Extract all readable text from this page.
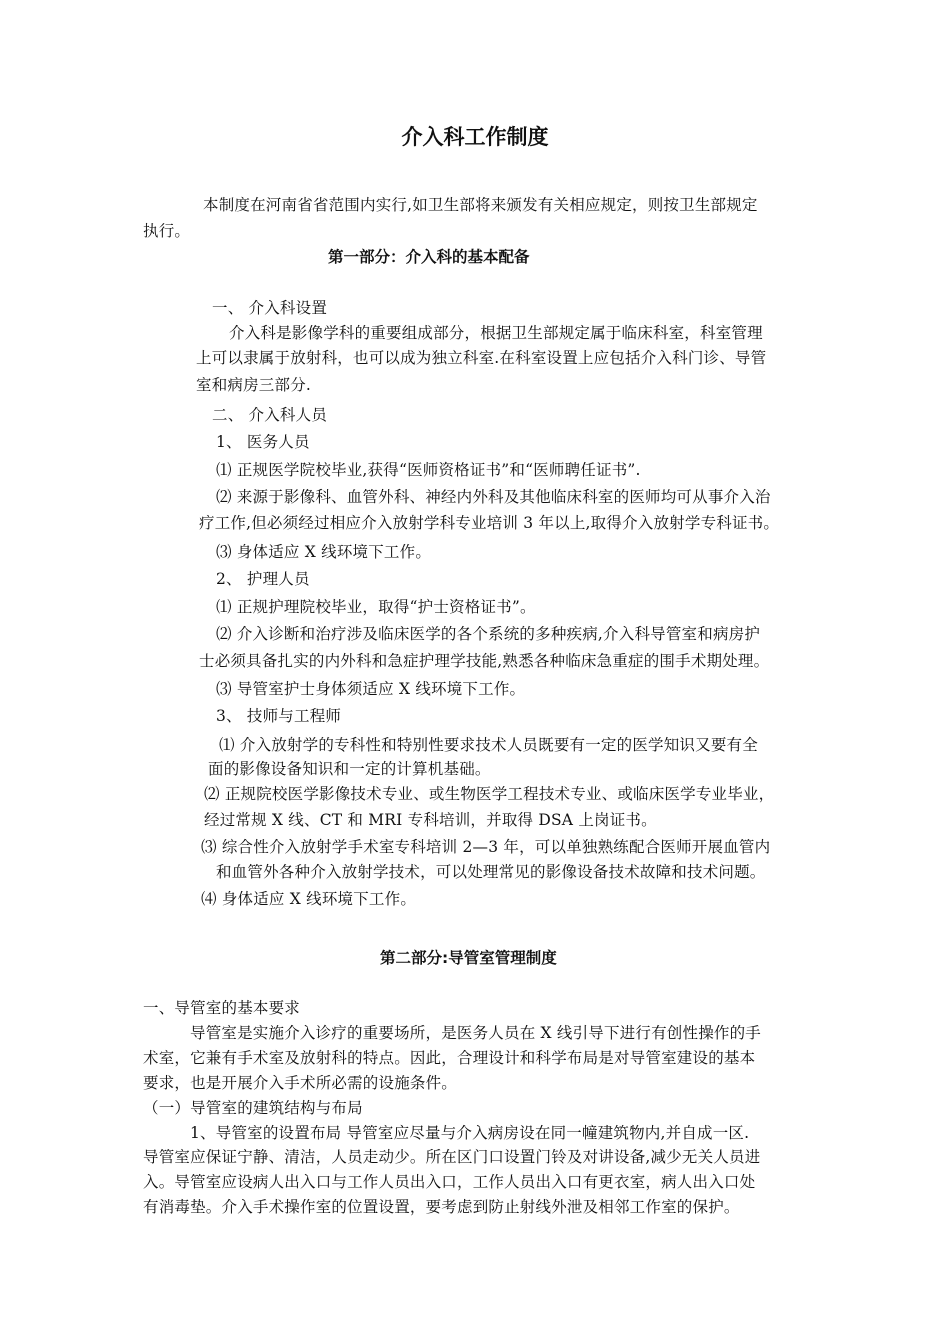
介入科工作制度
本制度在河南省省范围内实行,如卫生部将来颁发有关相应规定，则按卫生部规定
执行。
第一部分：介入科的基本配备
一、 介入科设置
介入科是影像学科的重要组成部分，根据卫生部规定属于临床科室，科室管理
上可以隶属于放射科，也可以成为独立科室.在科室设置上应包括介入科门诊、导管
室和病房三部分.
二、 介入科人员
1、 医务人员
⑴ 正规医学院校毕业,获得“医师资格证书”和“医师聘任证书”.
⑵ 来源于影像科、血管外科、神经内外科及其他临床科室的医师均可从事介入治
疗工作,但必须经过相应介入放射学科专业培训 3 年以上,取得介入放射学专科证书。
⑶ 身体适应 X 线环境下工作。
2、 护理人员
⑴ 正规护理院校毕业，取得“护士资格证书”。
⑵ 介入诊断和治疗涉及临床医学的各个系统的多种疾病,介入科导管室和病房护
士必须具备扎实的内外科和急症护理学技能,熟悉各种临床急重症的围手术期处理。
⑶ 导管室护士身体须适应 X 线环境下工作。
3、 技师与工程师
⑴ 介入放射学的专科性和特别性要求技术人员既要有一定的医学知识又要有全
面的影像设备知识和一定的计算机基础。
⑵ 正规院校医学影像技术专业、或生物医学工程技术专业、或临床医学专业毕业，
经过常规 X 线、CT 和 MRI 专科培训，并取得 DSA 上岗证书。
⑶ 综合性介入放射学手术室专科培训 2—3 年，可以单独熟练配合医师开展血管内
和血管外各种介入放射学技术，可以处理常见的影像设备技术故障和技术问题。
⑷ 身体适应 X 线环境下工作。
第二部分:导管室管理制度
一、导管室的基本要求
导管室是实施介入诊疗的重要场所，是医务人员在 X 线引导下进行有创性操作的手
术室，它兼有手术室及放射科的特点。因此，合理设计和科学布局是对导管室建设的基本
要求，也是开展介入手术所必需的设施条件。
（一）导管室的建筑结构与布局
1、导管室的设置布局 导管室应尽量与介入病房设在同一幢建筑物内,并自成一区.
导管室应保证宁静、清洁，人员走动少。所在区门口设置门铃及对讲设备,减少无关人员进
入。导管室应设病人出入口与工作人员出入口，工作人员出入口有更衣室，病人出入口处
有消毒垫。介入手术操作室的位置设置，要考虑到防止射线外泄及相邻工作室的保护。
